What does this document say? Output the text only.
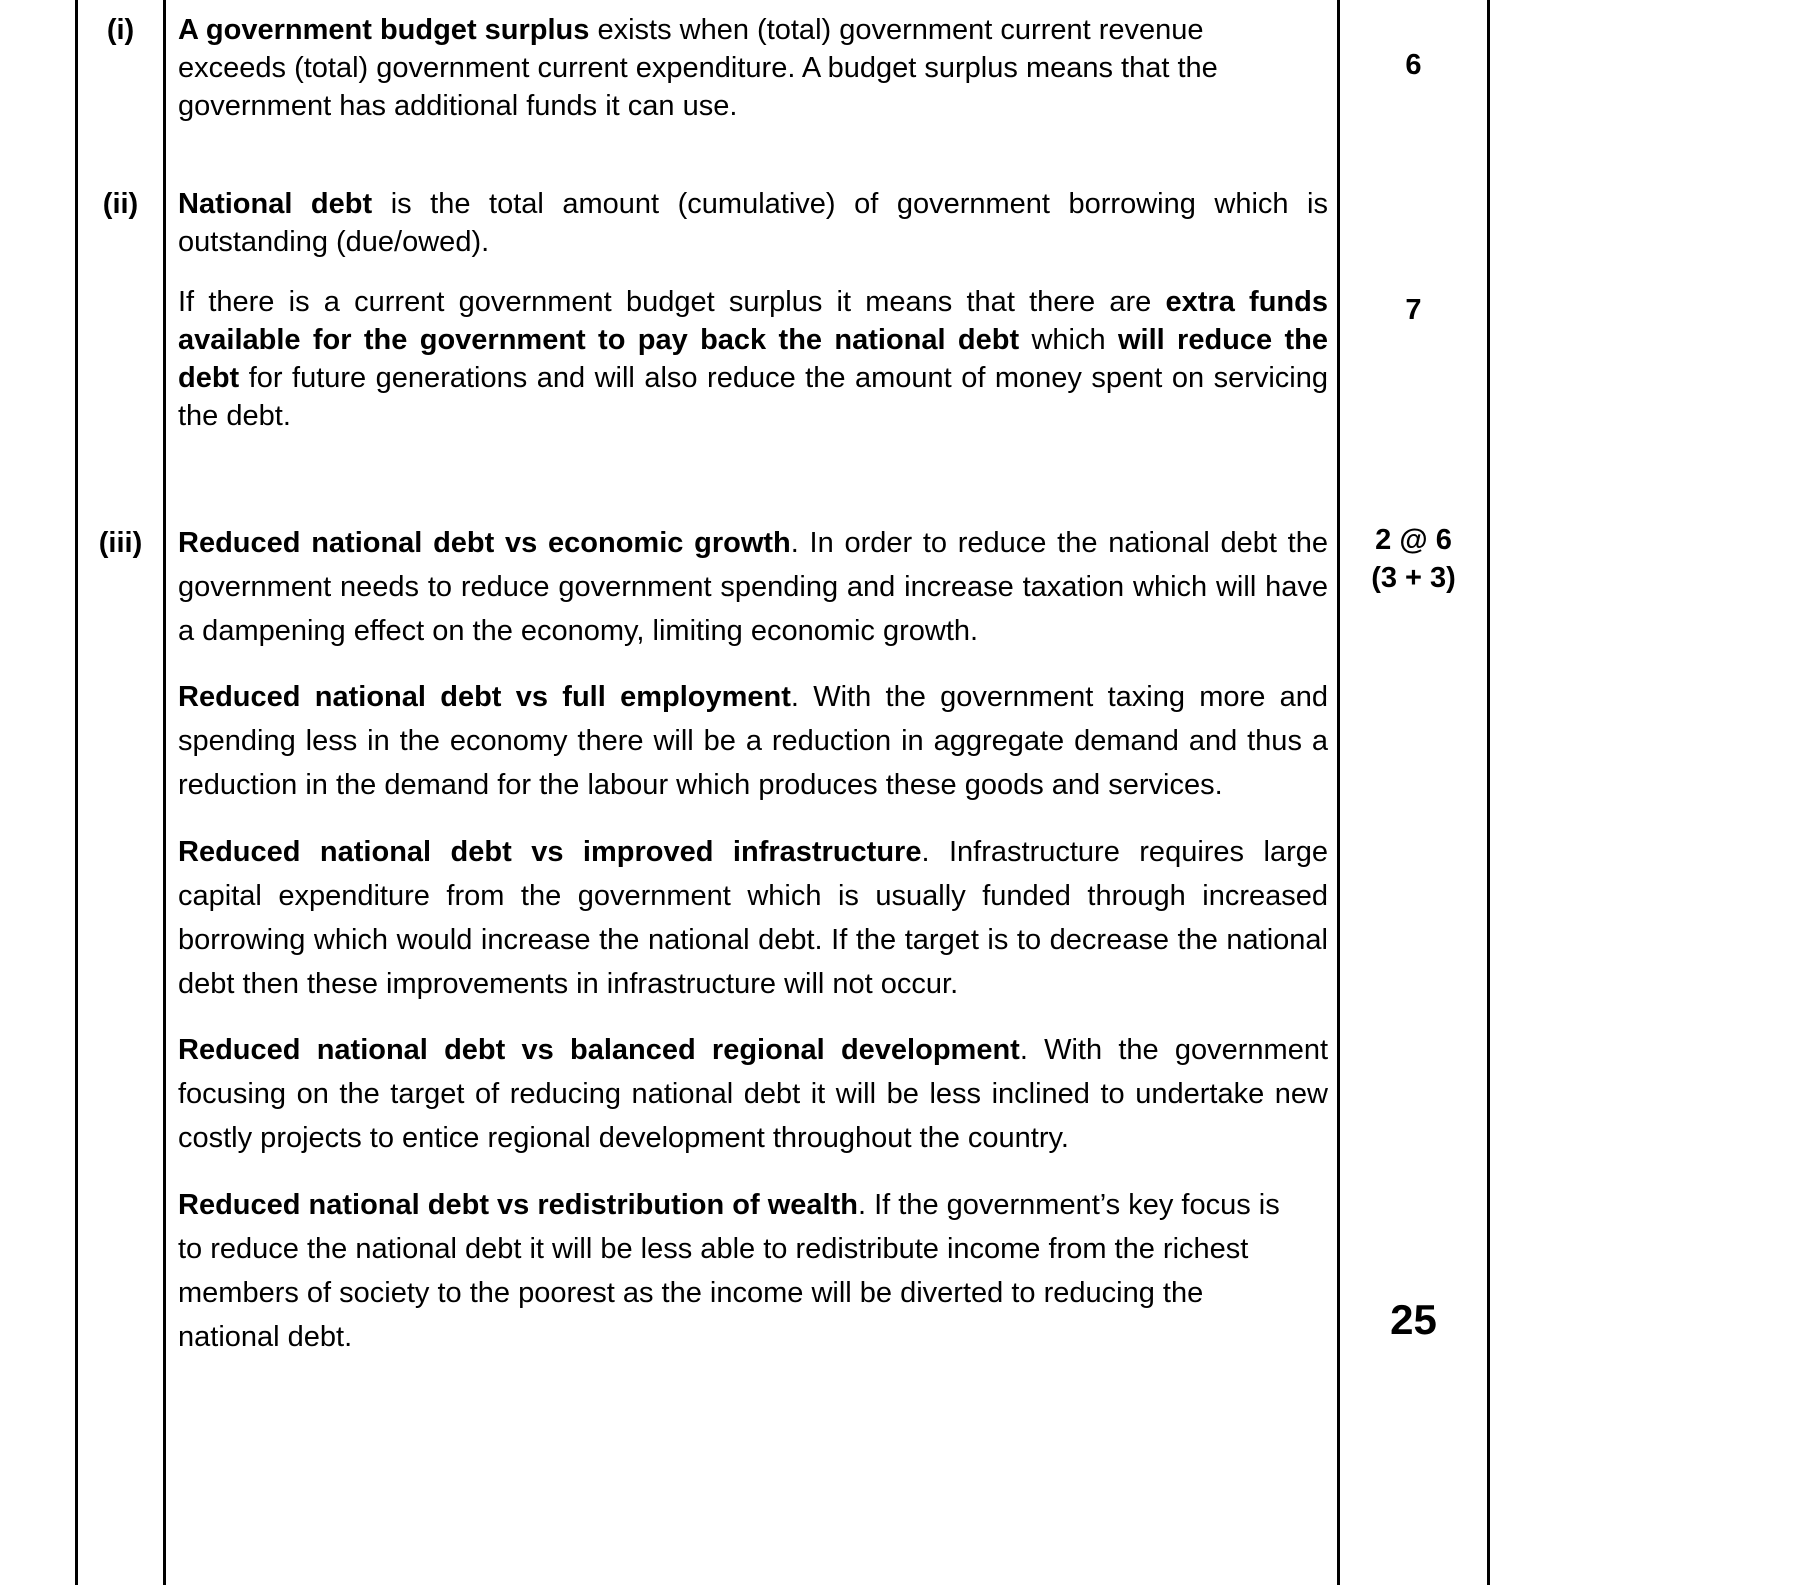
(i)
(ii)
(iii)

A government budget surplus exists when (total) government current revenue exceeds (total) government current expenditure. A budget surplus means that the government has additional funds it can use.

National debt is the total amount (cumulative) of government borrowing which is outstanding (due/owed).

If there is a current government budget surplus it means that there are extra funds available for the government to pay back the national debt which will reduce the debt for future generations and will also reduce the amount of money spent on servicing the debt.

Reduced national debt vs economic growth. In order to reduce the national debt the government needs to reduce government spending and increase taxation which will have a dampening effect on the economy, limiting economic growth.

Reduced national debt vs full employment. With the government taxing more and spending less in the economy there will be a reduction in aggregate demand and thus a reduction in the demand for the labour which produces these goods and services.

Reduced national debt vs improved infrastructure. Infrastructure requires large capital expenditure from the government which is usually funded through increased borrowing which would increase the national debt. If the target is to decrease the national debt then these improvements in infrastructure will not occur.

Reduced national debt vs balanced regional development. With the government focusing on the target of reducing national debt it will be less inclined to undertake new costly projects to entice regional development throughout the country.

Reduced national debt vs redistribution of wealth. If the government’s key focus is to reduce the national debt it will be less able to redistribute income from the richest members of society to the poorest as the income will be diverted to reducing the national debt.

6
7
2 @ 6
(3 + 3)
25
